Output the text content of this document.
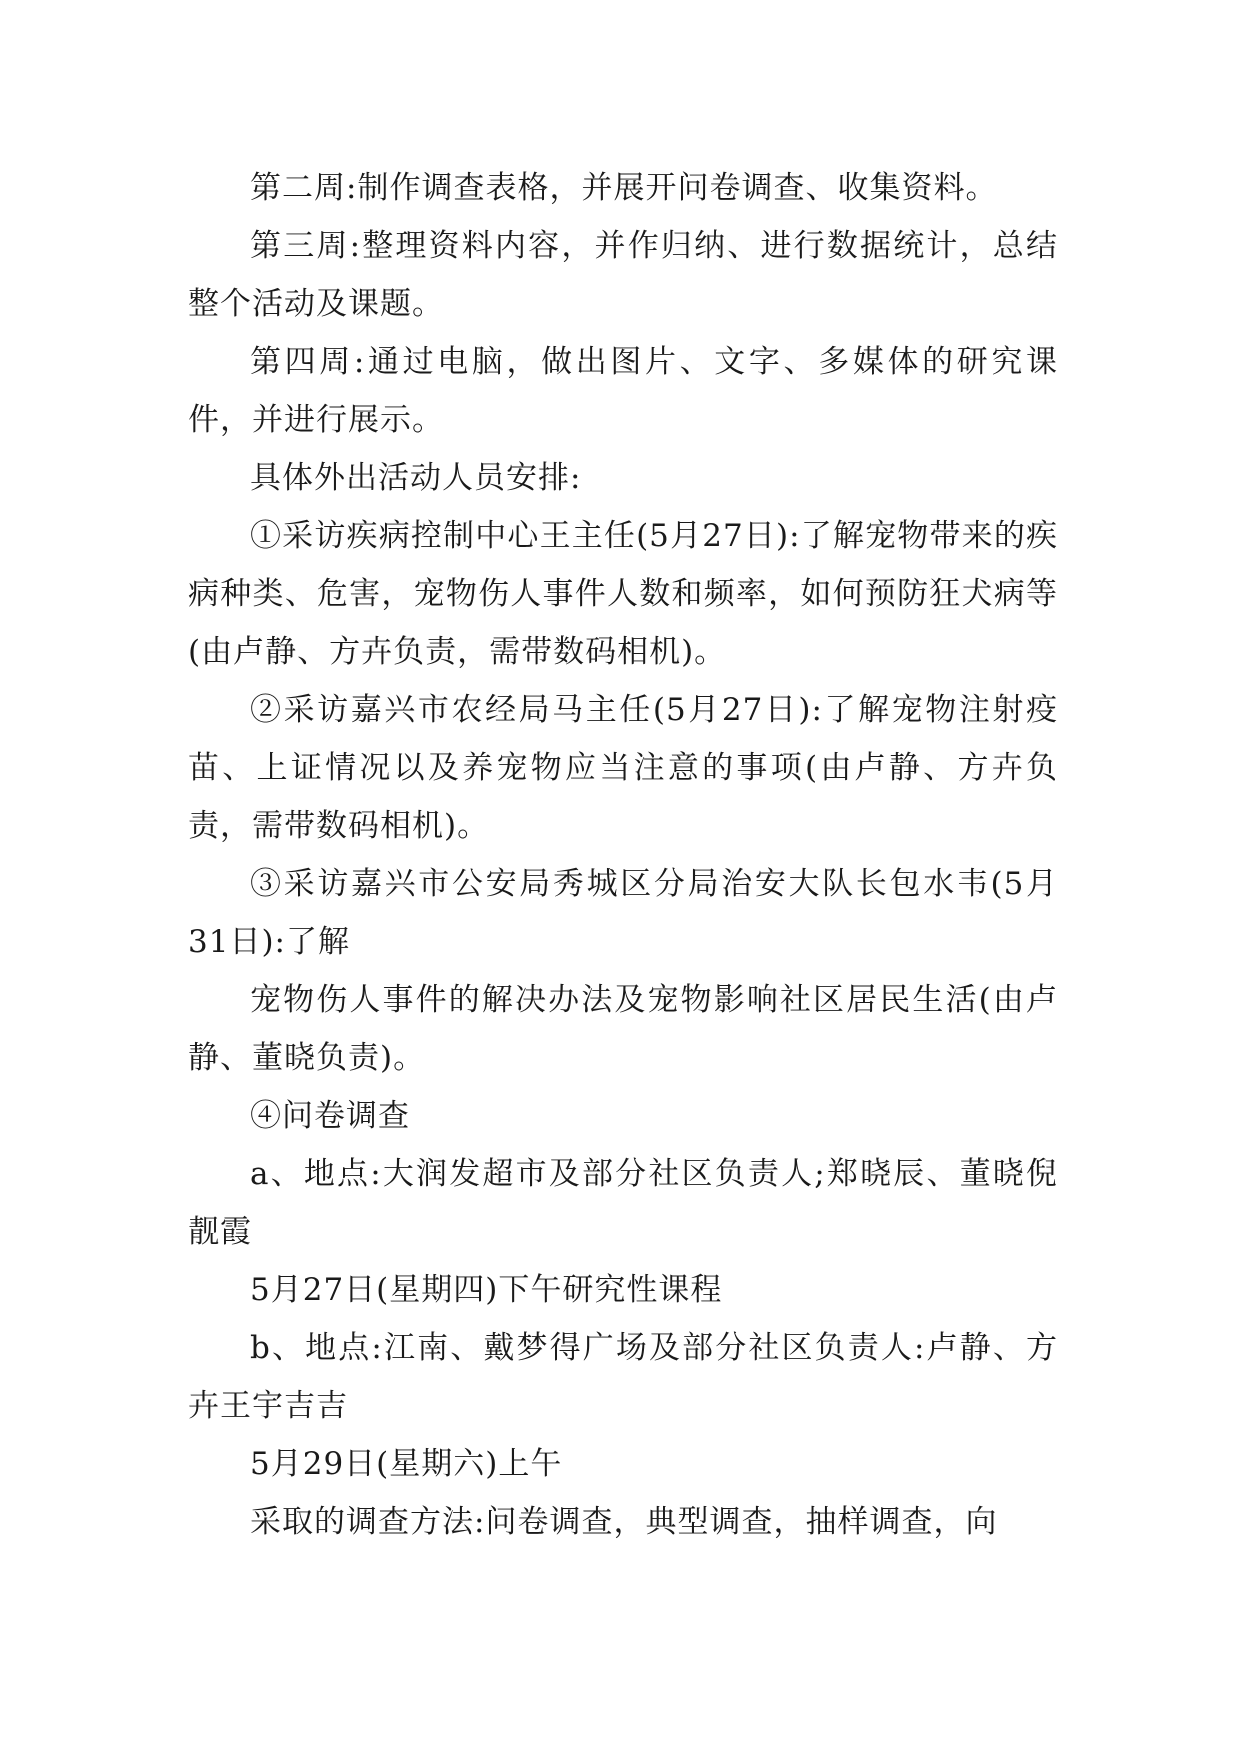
第二周:制作调查表格，并展开问卷调查、收集资料。

第三周:整理资料内容，并作归纳、进行数据统计，总结整个活动及课题。

第四周:通过电脑，做出图片、文字、多媒体的研究课件，并进行展示。

具体外出活动人员安排:

①采访疾病控制中心王主任(5月27日):了解宠物带来的疾病种类、危害，宠物伤人事件人数和频率，如何预防狂犬病等(由卢静、方卉负责，需带数码相机)。

②采访嘉兴市农经局马主任(5月27日):了解宠物注射疫苗、上证情况以及养宠物应当注意的事项(由卢静、方卉负责，需带数码相机)。

③采访嘉兴市公安局秀城区分局治安大队长包水韦(5月31日):了解

宠物伤人事件的解决办法及宠物影响社区居民生活(由卢静、董晓负责)。

④问卷调查

a、地点:大润发超市及部分社区负责人;郑晓辰、董晓倪靓霞

5月27日(星期四)下午研究性课程

b、地点:江南、戴梦得广场及部分社区负责人:卢静、方卉王宇吉吉

5月29日(星期六)上午

采取的调查方法:问卷调查，典型调查，抽样调查，向
